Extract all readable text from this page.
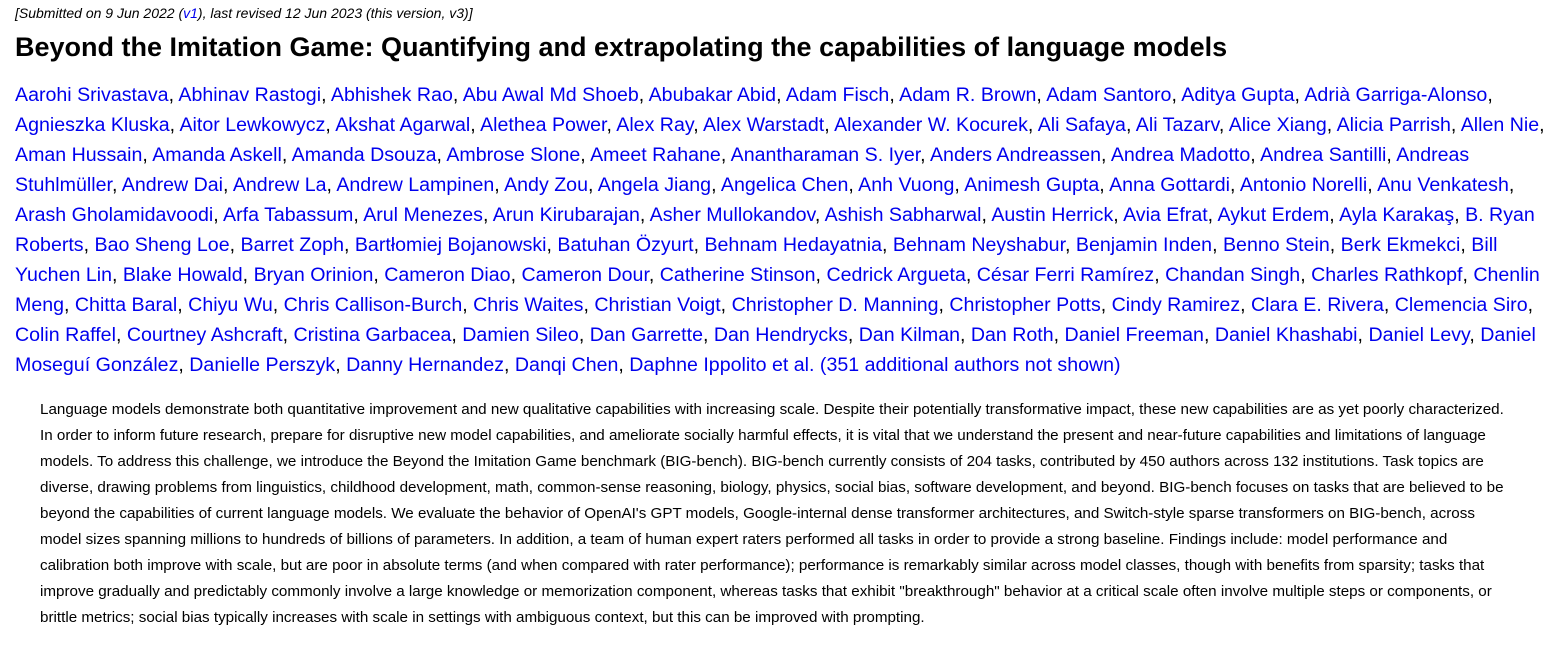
[Submitted on 9 Jun 2022 (v1), last revised 12 Jun 2023 (this version, v3)]
Beyond the Imitation Game: Quantifying and extrapolating the capabilities of language models
Aarohi Srivastava, Abhinav Rastogi, Abhishek Rao, Abu Awal Md Shoeb, Abubakar Abid, Adam Fisch, Adam R. Brown, Adam Santoro, Aditya Gupta, Adrià Garriga-Alonso, Agnieszka Kluska, Aitor Lewkowycz, Akshat Agarwal, Alethea Power, Alex Ray, Alex Warstadt, Alexander W. Kocurek, Ali Safaya, Ali Tazarv, Alice Xiang, Alicia Parrish, Allen Nie, Aman Hussain, Amanda Askell, Amanda Dsouza, Ambrose Slone, Ameet Rahane, Anantharaman S. Iyer, Anders Andreassen, Andrea Madotto, Andrea Santilli, Andreas Stuhlmüller, Andrew Dai, Andrew La, Andrew Lampinen, Andy Zou, Angela Jiang, Angelica Chen, Anh Vuong, Animesh Gupta, Anna Gottardi, Antonio Norelli, Anu Venkatesh, Arash Gholamidavoodi, Arfa Tabassum, Arul Menezes, Arun Kirubarajan, Asher Mullokandov, Ashish Sabharwal, Austin Herrick, Avia Efrat, Aykut Erdem, Ayla Karakaş, B. Ryan Roberts, Bao Sheng Loe, Barret Zoph, Bartłomiej Bojanowski, Batuhan Özyurt, Behnam Hedayatnia, Behnam Neyshabur, Benjamin Inden, Benno Stein, Berk Ekmekci, Bill Yuchen Lin, Blake Howald, Bryan Orinion, Cameron Diao, Cameron Dour, Catherine Stinson, Cedrick Argueta, César Ferri Ramírez, Chandan Singh, Charles Rathkopf, Chenlin Meng, Chitta Baral, Chiyu Wu, Chris Callison-Burch, Chris Waites, Christian Voigt, Christopher D. Manning, Christopher Potts, Cindy Ramirez, Clara E. Rivera, Clemencia Siro, Colin Raffel, Courtney Ashcraft, Cristina Garbacea, Damien Sileo, Dan Garrette, Dan Hendrycks, Dan Kilman, Dan Roth, Daniel Freeman, Daniel Khashabi, Daniel Levy, Daniel Moseguí González, Danielle Perszyk, Danny Hernandez, Danqi Chen, Daphne Ippolito et al. (351 additional authors not shown)

Language models demonstrate both quantitative improvement and new qualitative capabilities with increasing scale. Despite their potentially transformative impact, these new capabilities are as yet poorly characterized. In order to inform future research, prepare for disruptive new model capabilities, and ameliorate socially harmful effects, it is vital that we understand the present and near-future capabilities and limitations of language models. To address this challenge, we introduce the Beyond the Imitation Game benchmark (BIG-bench). BIG-bench currently consists of 204 tasks, contributed by 450 authors across 132 institutions. Task topics are diverse, drawing problems from linguistics, childhood development, math, common-sense reasoning, biology, physics, social bias, software development, and beyond. BIG-bench focuses on tasks that are believed to be beyond the capabilities of current language models. We evaluate the behavior of OpenAI's GPT models, Google-internal dense transformer architectures, and Switch-style sparse transformers on BIG-bench, across model sizes spanning millions to hundreds of billions of parameters. In addition, a team of human expert raters performed all tasks in order to provide a strong baseline. Findings include: model performance and calibration both improve with scale, but are poor in absolute terms (and when compared with rater performance); performance is remarkably similar across model classes, though with benefits from sparsity; tasks that improve gradually and predictably commonly involve a large knowledge or memorization component, whereas tasks that exhibit "breakthrough" behavior at a critical scale often involve multiple steps or components, or brittle metrics; social bias typically increases with scale in settings with ambiguous context, but this can be improved with prompting.
